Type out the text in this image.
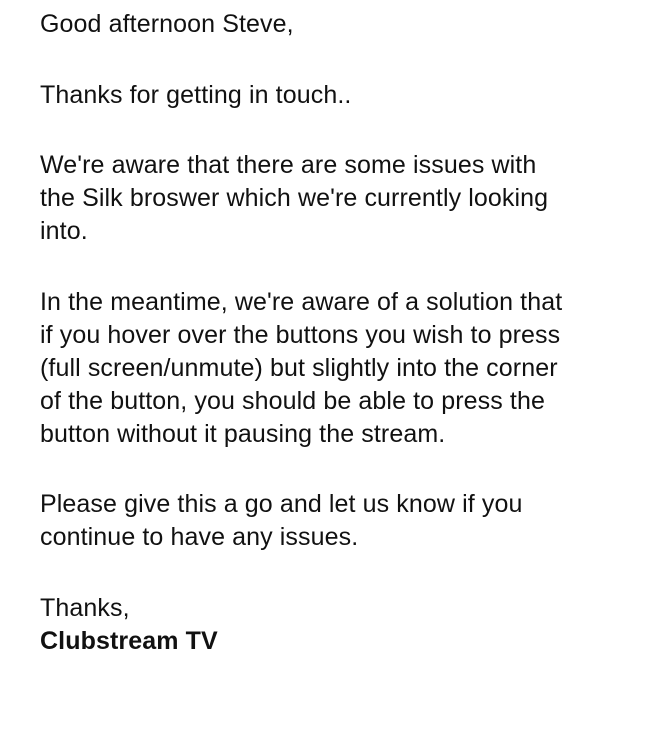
Good afternoon Steve,
Thanks for getting in touch..
We're aware that there are some issues with
the Silk broswer which we're currently looking
into.
In the meantime, we're aware of a solution that
if you hover over the buttons you wish to press
(full screen/unmute) but slightly into the corner
of the button, you should be able to press the
button without it pausing the stream.
Please give this a go and let us know if you
continue to have any issues.
Thanks,
Clubstream TV
